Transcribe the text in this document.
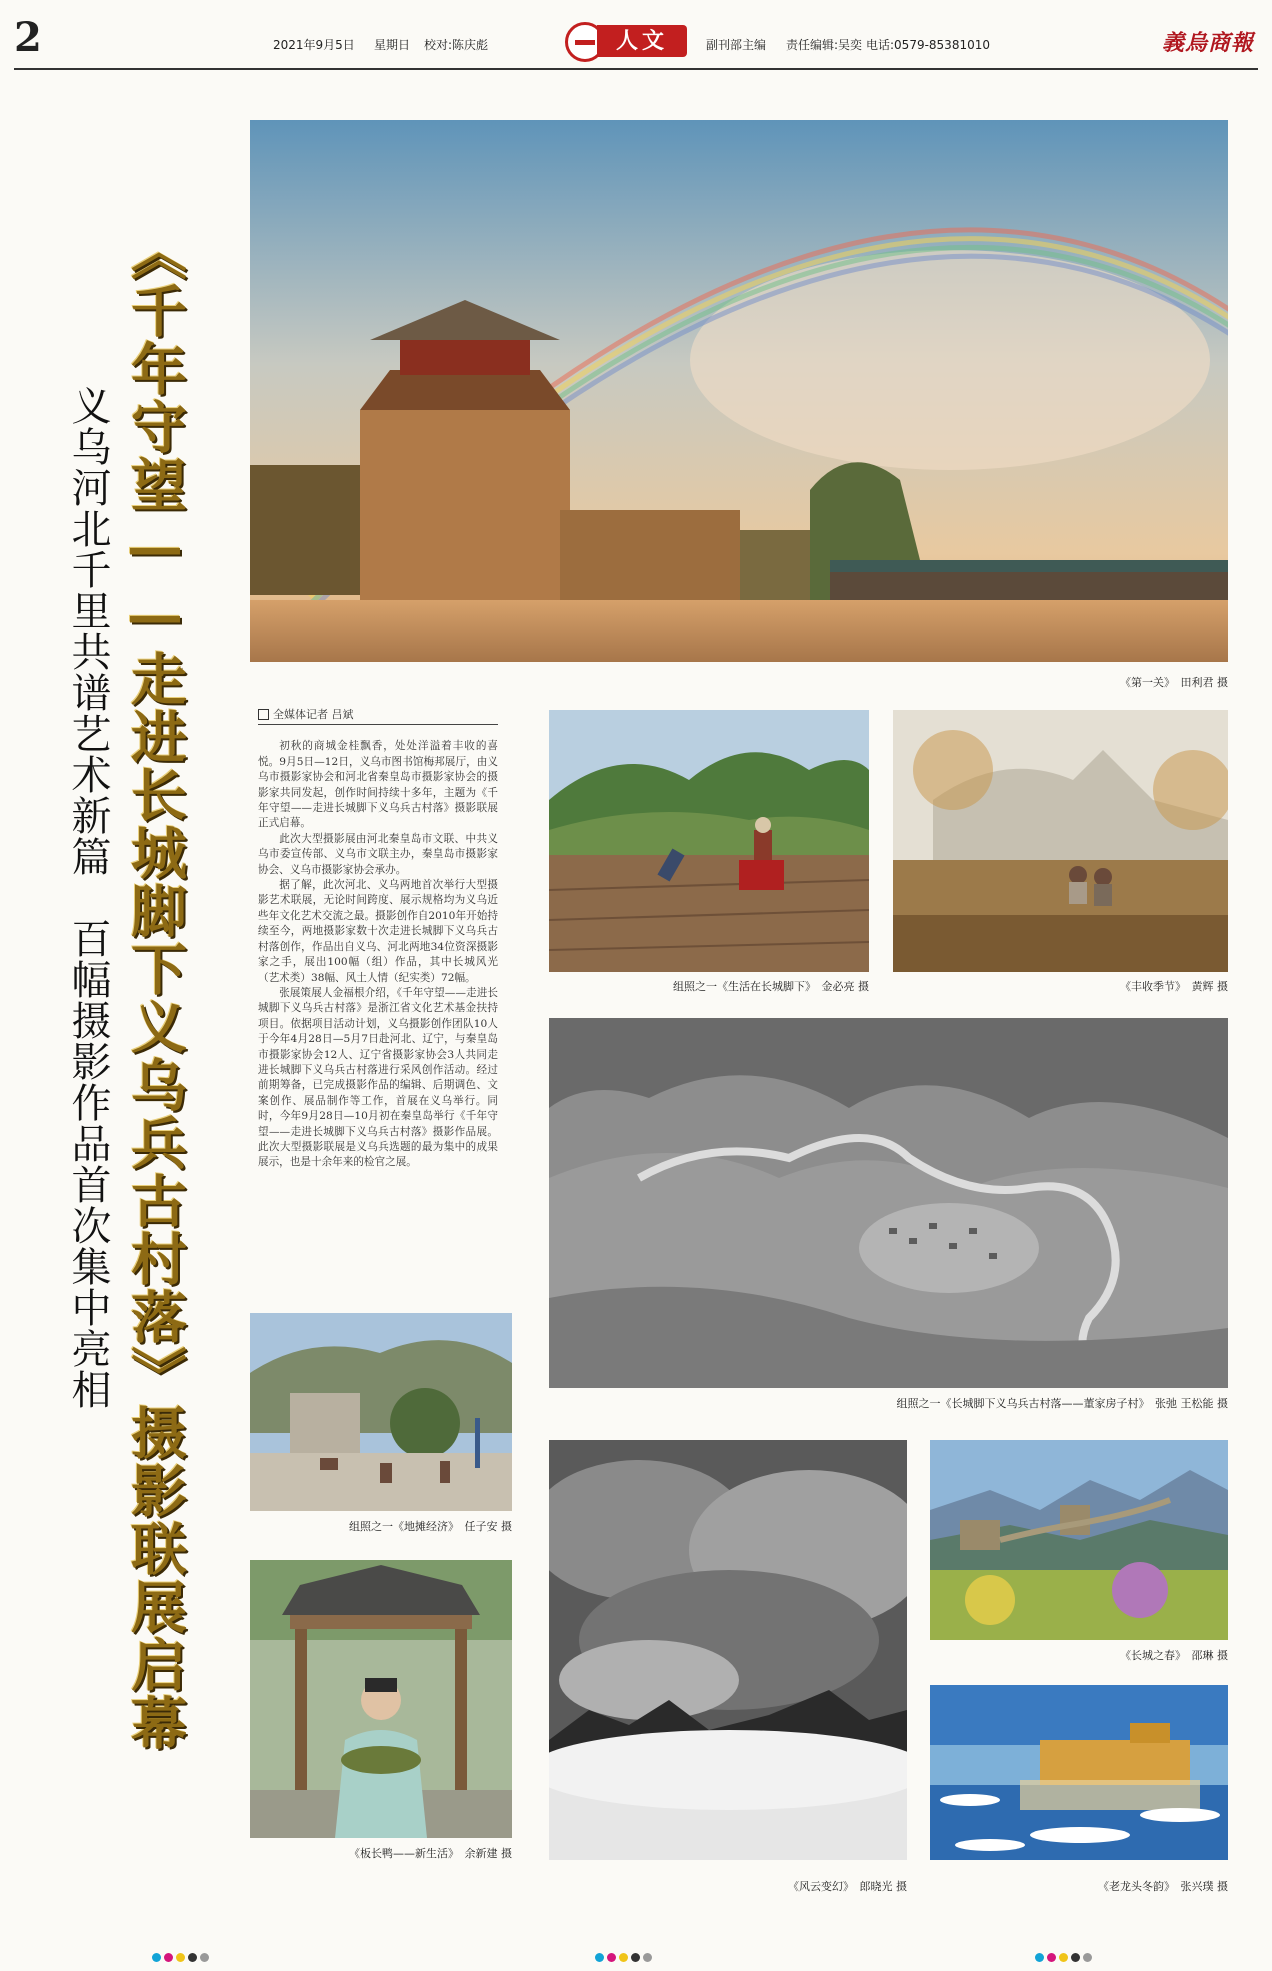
2	2021年9月5日 星期日 校对:陈庆彪	人文	副刊部主编 责任编辑:吴奕 电话:0579-85381010	義烏商報
《千年守望——走进长城脚下义乌兵古村落》摄影联展启幕
义乌河北千里共谱艺术新篇　百幅摄影作品首次集中亮相	《第一关》　田利君 摄
全媒体记者 吕斌

初秋的商城金桂飘香，处处洋溢着丰收的喜悦。9月5日—12日，义乌市图书馆梅邦展厅，由义乌市摄影家协会和河北省秦皇岛市摄影家协会的摄影家共同发起，创作时间持续十多年，主题为《千年守望——走进长城脚下义乌兵古村落》摄影联展正式启幕。

此次大型摄影展由河北秦皇岛市文联、中共义乌市委宣传部、义乌市文联主办，秦皇岛市摄影家协会、义乌市摄影家协会承办。

据了解，此次河北、义乌两地首次举行大型摄影艺术联展，无论时间跨度、展示规格均为义乌近些年文化艺术交流之最。摄影创作自2010年开始持续至今，两地摄影家数十次走进长城脚下义乌兵古村落创作，作品出自义乌、河北两地34位资深摄影家之手，展出100幅（组）作品，其中长城风光（艺术类）38幅、风土人情（纪实类）72幅。

张展策展人金福根介绍，《千年守望——走进长城脚下义乌兵古村落》是浙江省文化艺术基金扶持项目。依据项目活动计划，义乌摄影创作团队10人于今年4月28日—5月7日赴河北、辽宁，与秦皇岛市摄影家协会12人、辽宁省摄影家协会3人共同走进长城脚下义乌兵古村落进行采风创作活动。经过前期筹备，已完成摄影作品的编辑、后期调色、文案创作、展品制作等工作，首展在义乌举行。同时，今年9月28日—10月初在秦皇岛举行《千年守望——走进长城脚下义乌兵古村落》摄影作品展。此次大型摄影联展是义乌兵选题的最为集中的成果展示，也是十余年来的检官之展。

组照之一《生活在长城脚下》　金必亮 摄	《丰收季节》　黄辉 摄
组照之一《长城脚下义乌兵古村落——董家房子村》　张弛 王松能 摄
组照之一《地摊经济》　任子安 摄
《板长鸭——新生活》　余新建 摄
《风云变幻》　郎晓光 摄
《长城之春》　邵琳 摄
《老龙头冬韵》　张兴璞 摄
